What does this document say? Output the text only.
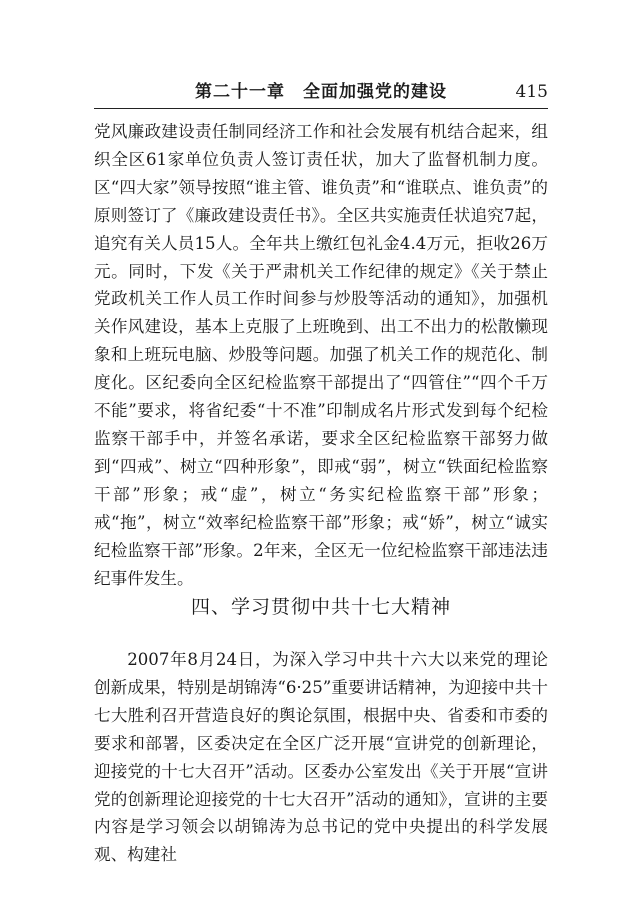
第二十一章　全面加强党的建设	415

党风廉政建设责任制同经济工作和社会发展有机结合起来，组织全区61家单位负责人签订责任状，加大了监督机制力度。区“四大家”领导按照“谁主管、谁负责”和“谁联点、谁负责”的原则签订了《廉政建设责任书》。全区共实施责任状追究7起，追究有关人员15人。全年共上缴红包礼金4.4万元，拒收26万元。同时，下发《关于严肃机关工作纪律的规定》《关于禁止党政机关工作人员工作时间参与炒股等活动的通知》，加强机关作风建设，基本上克服了上班晚到、出工不出力的松散懒现象和上班玩电脑、炒股等问题。加强了机关工作的规范化、制度化。区纪委向全区纪检监察干部提出了“四管住”“四个千万不能”要求，将省纪委“十不准”印制成名片形式发到每个纪检监察干部手中，并签名承诺，要求全区纪检监察干部努力做到“四戒”、树立“四种形象”，即戒“弱”，树立“铁面纪检监察干部”形象；戒“虚”，树立“务实纪检监察干部”形象；戒“拖”，树立“效率纪检监察干部”形象；戒“娇”，树立“诚实纪检监察干部”形象。2年来，全区无一位纪检监察干部违法违纪事件发生。

四、学习贯彻中共十七大精神

2007年8月24日，为深入学习中共十六大以来党的理论创新成果，特别是胡锦涛“6·25”重要讲话精神，为迎接中共十七大胜利召开营造良好的舆论氛围，根据中央、省委和市委的要求和部署，区委决定在全区广泛开展“宣讲党的创新理论，迎接党的十七大召开”活动。区委办公室发出《关于开展“宣讲党的创新理论迎接党的十七大召开”活动的通知》，宣讲的主要内容是学习领会以胡锦涛为总书记的党中央提出的科学发展观、构建社
